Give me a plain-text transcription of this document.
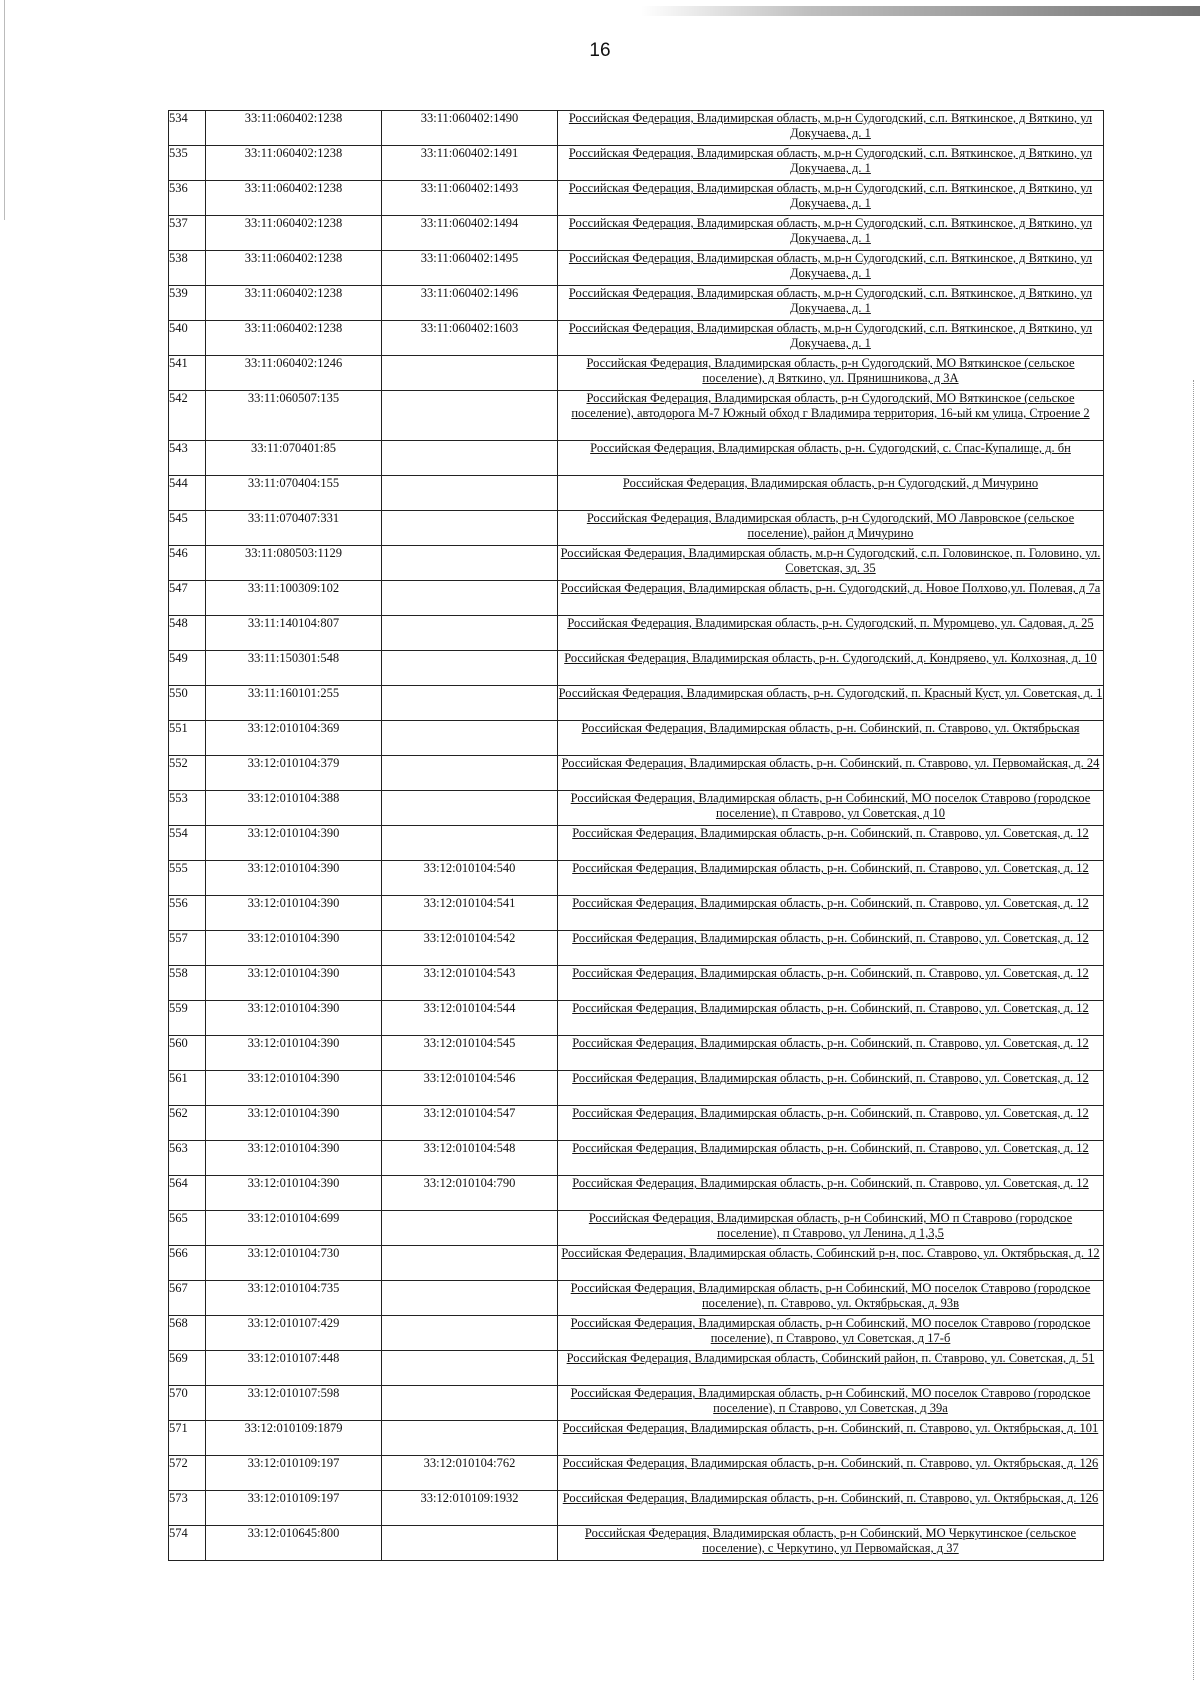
16
534	33:11:060402:1238	33:11:060402:1490	Российская Федерация, Владимирская область, м.р-н Судогодский, с.п. Вяткинское, д Вяткино, ул Докучаева, д. 1
535	33:11:060402:1238	33:11:060402:1491	Российская Федерация, Владимирская область, м.р-н Судогодский, с.п. Вяткинское, д Вяткино, ул Докучаева, д. 1
536	33:11:060402:1238	33:11:060402:1493	Российская Федерация, Владимирская область, м.р-н Судогодский, с.п. Вяткинское, д Вяткино, ул Докучаева, д. 1
537	33:11:060402:1238	33:11:060402:1494	Российская Федерация, Владимирская область, м.р-н Судогодский, с.п. Вяткинское, д Вяткино, ул Докучаева, д. 1
538	33:11:060402:1238	33:11:060402:1495	Российская Федерация, Владимирская область, м.р-н Судогодский, с.п. Вяткинское, д Вяткино, ул Докучаева, д. 1
539	33:11:060402:1238	33:11:060402:1496	Российская Федерация, Владимирская область, м.р-н Судогодский, с.п. Вяткинское, д Вяткино, ул Докучаева, д. 1
540	33:11:060402:1238	33:11:060402:1603	Российская Федерация, Владимирская область, м.р-н Судогодский, с.п. Вяткинское, д Вяткино, ул Докучаева, д. 1
541	33:11:060402:1246		Российская Федерация, Владимирская область, р-н Судогодский, МО Вяткинское (сельское поселение), д Вяткино, ул. Прянишникова, д 3А
542	33:11:060507:135		Российская Федерация, Владимирская область, р-н Судогодский, МО Вяткинское (сельское поселение), автодорога М-7 Южный обход г Владимира территория, 16-ый км улица, Строение 2
543	33:11:070401:85		Российская Федерация, Владимирская область, р-н. Судогодский, с. Спас-Купалище, д. бн
544	33:11:070404:155		Российская Федерация, Владимирская область, р-н Судогодский, д Мичурино
545	33:11:070407:331		Российская Федерация, Владимирская область, р-н Судогодский, МО Лавровское (сельское поселение), район д Мичурино
546	33:11:080503:1129		Российская Федерация, Владимирская область, м.р-н Судогодский, с.п. Головинское, п. Головино, ул. Советская, зд. 35
547	33:11:100309:102		Российская Федерация, Владимирская область, р-н. Судогодский, д. Новое Полхово,ул. Полевая, д 7а
548	33:11:140104:807		Российская Федерация, Владимирская область, р-н. Судогодский, п. Муромцево, ул. Садовая, д. 25
549	33:11:150301:548		Российская Федерация, Владимирская область, р-н. Судогодский, д. Кондряево, ул. Колхозная, д. 10
550	33:11:160101:255		Российская Федерация, Владимирская область, р-н. Судогодский, п. Красный Куст, ул. Советская, д. 1
551	33:12:010104:369		Российская Федерация, Владимирская область, р-н. Собинский, п. Ставрово, ул. Октябрьская
552	33:12:010104:379		Российская Федерация, Владимирская область, р-н. Собинский, п. Ставрово, ул. Первомайская, д. 24
553	33:12:010104:388		Российская Федерация, Владимирская область, р-н Собинский, МО поселок Ставрово (городское поселение), п Ставрово, ул Советская, д 10
554	33:12:010104:390		Российская Федерация, Владимирская область, р-н. Собинский, п. Ставрово, ул. Советская, д. 12
555	33:12:010104:390	33:12:010104:540	Российская Федерация, Владимирская область, р-н. Собинский, п. Ставрово, ул. Советская, д. 12
556	33:12:010104:390	33:12:010104:541	Российская Федерация, Владимирская область, р-н. Собинский, п. Ставрово, ул. Советская, д. 12
557	33:12:010104:390	33:12:010104:542	Российская Федерация, Владимирская область, р-н. Собинский, п. Ставрово, ул. Советская, д. 12
558	33:12:010104:390	33:12:010104:543	Российская Федерация, Владимирская область, р-н. Собинский, п. Ставрово, ул. Советская, д. 12
559	33:12:010104:390	33:12:010104:544	Российская Федерация, Владимирская область, р-н. Собинский, п. Ставрово, ул. Советская, д. 12
560	33:12:010104:390	33:12:010104:545	Российская Федерация, Владимирская область, р-н. Собинский, п. Ставрово, ул. Советская, д. 12
561	33:12:010104:390	33:12:010104:546	Российская Федерация, Владимирская область, р-н. Собинский, п. Ставрово, ул. Советская, д. 12
562	33:12:010104:390	33:12:010104:547	Российская Федерация, Владимирская область, р-н. Собинский, п. Ставрово, ул. Советская, д. 12
563	33:12:010104:390	33:12:010104:548	Российская Федерация, Владимирская область, р-н. Собинский, п. Ставрово, ул. Советская, д. 12
564	33:12:010104:390	33:12:010104:790	Российская Федерация, Владимирская область, р-н. Собинский, п. Ставрово, ул. Советская, д. 12
565	33:12:010104:699		Российская Федерация, Владимирская область, р-н Собинский, МО п Ставрово (городское поселение), п Ставрово, ул Ленина, д 1,3,5
566	33:12:010104:730		Российская Федерация, Владимирская область, Собинский р-н, пос. Ставрово, ул. Октябрьская, д. 12
567	33:12:010104:735		Российская Федерация, Владимирская область, р-н Собинский, МО поселок Ставрово (городское поселение), п. Ставрово, ул. Октябрьская, д. 93в
568	33:12:010107:429		Российская Федерация, Владимирская область, р-н Собинский, МО поселок Ставрово (городское поселение), п Ставрово, ул Советская, д 17-б
569	33:12:010107:448		Российская Федерация, Владимирская область, Собинский район, п. Ставрово, ул. Советская, д. 51
570	33:12:010107:598		Российская Федерация, Владимирская область, р-н Собинский, МО поселок Ставрово (городское поселение), п Ставрово, ул Советская, д 39а
571	33:12:010109:1879		Российская Федерация, Владимирская область, р-н. Собинский, п. Ставрово, ул. Октябрьская, д. 101
572	33:12:010109:197	33:12:010104:762	Российская Федерация, Владимирская область, р-н. Собинский, п. Ставрово, ул. Октябрьская, д. 126
573	33:12:010109:197	33:12:010109:1932	Российская Федерация, Владимирская область, р-н. Собинский, п. Ставрово, ул. Октябрьская, д. 126
574	33:12:010645:800		Российская Федерация, Владимирская область, р-н Собинский, МО Черкутинское (сельское поселение), с Черкутино, ул Первомайская, д 37
